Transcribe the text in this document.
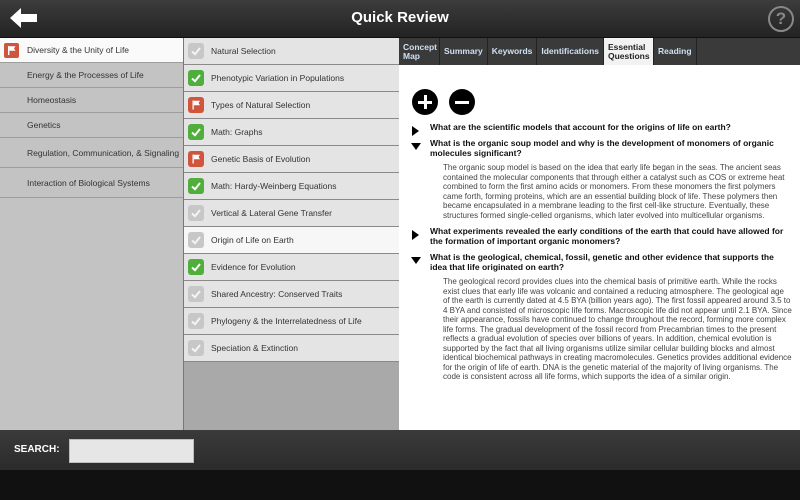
Quick Review	?
Diversity & the Unity of Life
Energy & the Processes of Life
Homeostasis
Genetics
Regulation, Communication, & Signaling
Interaction of Biological Systems
Natural Selection
Phenotypic Variation in Populations
Types of Natural Selection
Math: Graphs
Genetic Basis of Evolution
Math: Hardy-Weinberg Equations
Vertical & Lateral Gene Transfer
Origin of Life on Earth
Evidence for Evolution
Shared Ancestry: Conserved Traits
Phylogeny & the Interrelatedness of Life
Speciation & Extinction
Concept Map	Summary	Keywords	Identifications	Essential Questions Reading

What are the scientific models that account for the origins of life on earth?
What is the organic soup model and why is the development of monomers of organic molecules significant?
The organic soup model is based on the idea that early life began in the seas. The ancient seas contained the molecular components that through either a catalyst such as COS or extreme heat combined to form the first amino acids or monomers. From these monomers the first polymers came forth, forming proteins, which are an essential building block of life. These polymers then became encapsulated in a membrane leading to the first cell-like structure. Eventually, these structures formed single-celled organisms, which later evolved into multicellular organisms.
What experiments revealed the early conditions of the earth that could have allowed for the formation of important organic monomers?
What is the geological, chemical, fossil, genetic and other evidence that supports the idea that life originated on earth?
The geological record provides clues into the chemical basis of primitive earth. While the rocks exist clues that early life was volcanic and contained a reducing atmosphere. The geological age of the earth is currently dated at 4.5 BYA (billion years ago). The first fossil appeared around 3.5 to 4 BYA and consisted of microscopic life forms. Macroscopic life did not appear until 2.1 BYA. Since their appearance, fossils have continued to change throughout the record, forming more complex life forms. The gradual development of the fossil record from Precambrian times to the present reflects a gradual evolution of species over billions of years. In addition, chemical evolution is supported by the fact that all living organisms utilize similar cellular building blocks and almost identical biochemical pathways in creating macromolecules. Genetics provides additional evidence for the origin of life of earth. DNA is the genetic material of the majority of living organisms. The code is consistent across all life forms, which supports the idea of a similar origin.
SEARCH:
